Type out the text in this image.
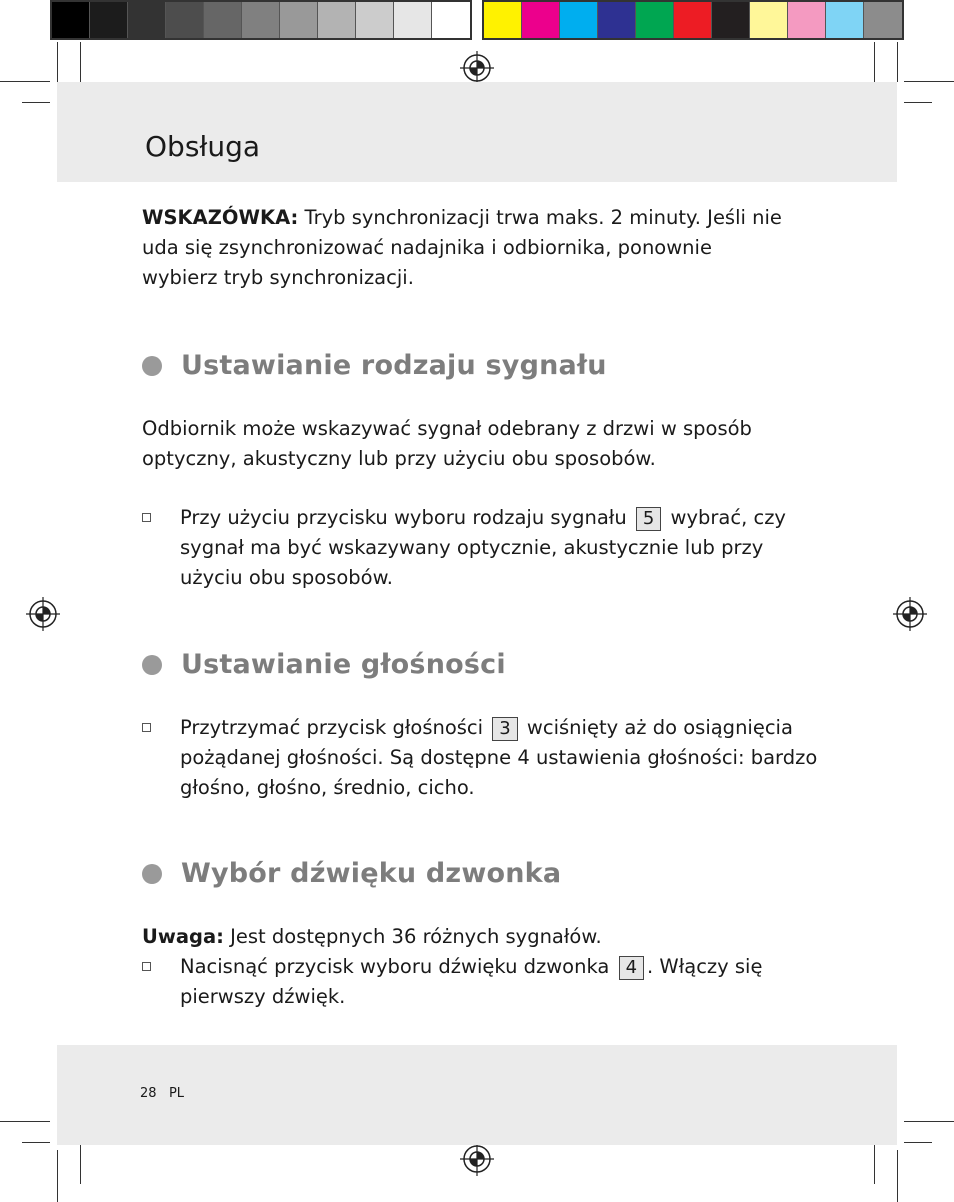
Obsługa
WSKAZÓWKA: Tryb synchronizacji trwa maks. 2 minuty. Jeśli nie uda się zsynchronizować nadajnika i odbiornika, ponownie wybierz tryb synchronizacji.
Ustawianie rodzaju sygnału
Odbiornik może wskazywać sygnał odebrany z drzwi w sposób optyczny, akustyczny lub przy użyciu obu sposobów.
Przy użyciu przycisku wyboru rodzaju sygnału 5 wybrać, czy sygnał ma być wskazywany optycznie, akustycznie lub przy użyciu obu sposobów.
Ustawianie głośności
Przytrzymać przycisk głośności 3 wciśnięty aż do osiągnięcia pożądanej głośności. Są dostępne 4 ustawienia głośności: bardzo głośno, głośno, średnio, cicho.
Wybór dźwięku dzwonka
Uwaga: Jest dostępnych 36 różnych sygnałów.
Nacisnąć przycisk wyboru dźwięku dzwonka 4 . Włączy się pierwszy dźwięk.
28 PL
